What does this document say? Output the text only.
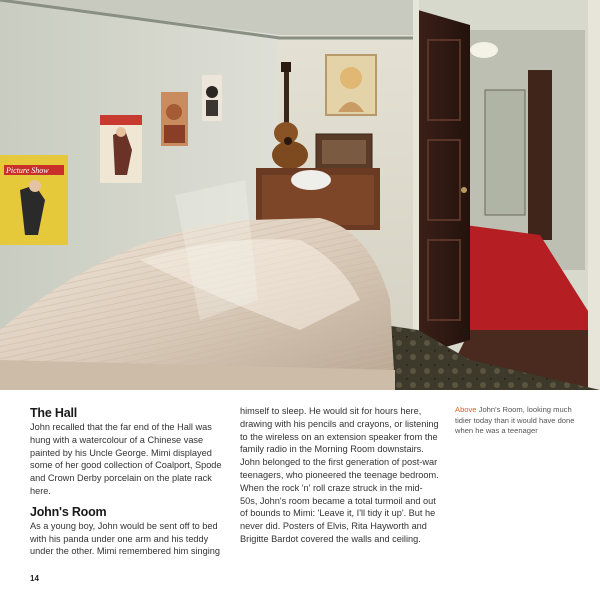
Picture Show
The Hall

John recalled that the far end of the Hall was hung with a watercolour of a Chinese vase painted by his Uncle George. Mimi displayed some of her good collection of Coalport, Spode and Crown Derby porcelain on the plate rack here.

John's Room

As a young boy, John would be sent off to bed with his panda under one arm and his teddy under the other. Mimi remembered him singing

himself to sleep. He would sit for hours here, drawing with his pencils and crayons, or listening to the wireless on an extension speaker from the family radio in the Morning Room downstairs. John belonged to the first generation of post-war teenagers, who pioneered the teenage bedroom. When the rock 'n' roll craze struck in the mid-50s, John's room became a total turmoil and out of bounds to Mimi: 'Leave it, I'll tidy it up'. But he never did. Posters of Elvis, Rita Hayworth and Brigitte Bardot covered the walls and ceiling.

Above John's Room, looking much tidier today than it would have done when he was a teenager

14
